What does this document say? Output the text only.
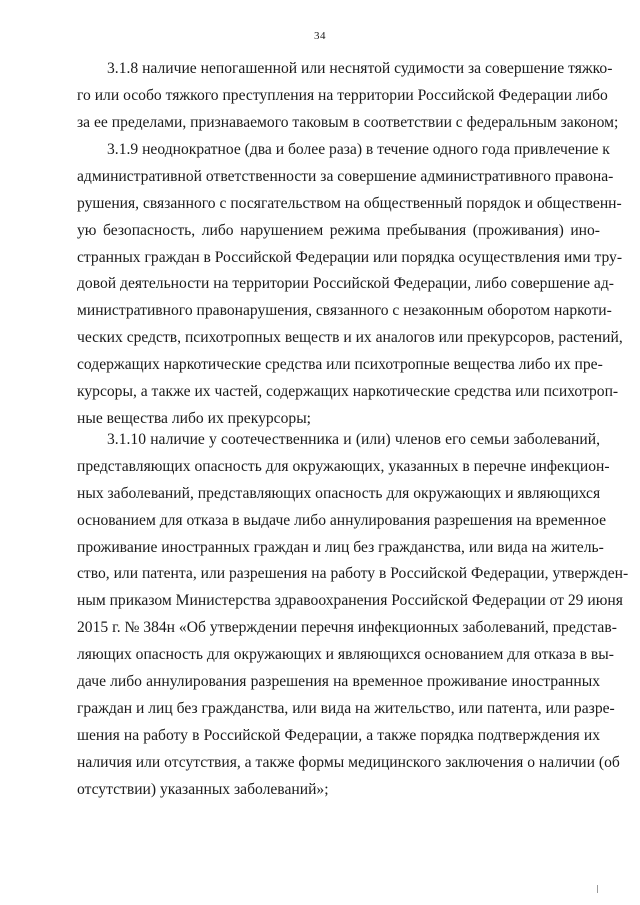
34
3.1.8 наличие непогашенной или неснятой судимости за совершение тяжко-
го или особо тяжкого преступления на территории Российской Федерации либо
за ее пределами, признаваемого таковым в соответствии с федеральным законом;
3.1.9 неоднократное (два и более раза) в течение одного года привлечение к
административной ответственности за совершение административного правона-
рушения, связанного с посягательством на общественный порядок и общественн-
ую безопасность, либо нарушением режима пребывания (проживания) ино-
странных граждан в Российской Федерации или порядка осуществления ими тру-
довой деятельности на территории Российской Федерации, либо совершение ад-
министративного правонарушения, связанного с незаконным оборотом наркоти-
ческих средств, психотропных веществ и их аналогов или прекурсоров, растений,
содержащих наркотические средства или психотропные вещества либо их пре-
курсоры, а также их частей, содержащих наркотические средства или психотроп-
ные вещества либо их прекурсоры;
3.1.10 наличие у соотечественника и (или) членов его семьи заболеваний,
представляющих опасность для окружающих, указанных в перечне инфекцион-
ных заболеваний, представляющих опасность для окружающих и являющихся
основанием для отказа в выдаче либо аннулирования разрешения на временное
проживание иностранных граждан и лиц без гражданства, или вида на житель-
ство, или патента, или разрешения на работу в Российской Федерации, утвержден-
ным приказом Министерства здравоохранения Российской Федерации от 29 июня
2015 г. № 384н «Об утверждении перечня инфекционных заболеваний, представ-
ляющих опасность для окружающих и являющихся основанием для отказа в вы-
даче либо аннулирования разрешения на временное проживание иностранных
граждан и лиц без гражданства, или вида на жительство, или патента, или разре-
шения на работу в Российской Федерации, а также порядка подтверждения их
наличия или отсутствия, а также формы медицинского заключения о наличии (об
отсутствии) указанных заболеваний»;
